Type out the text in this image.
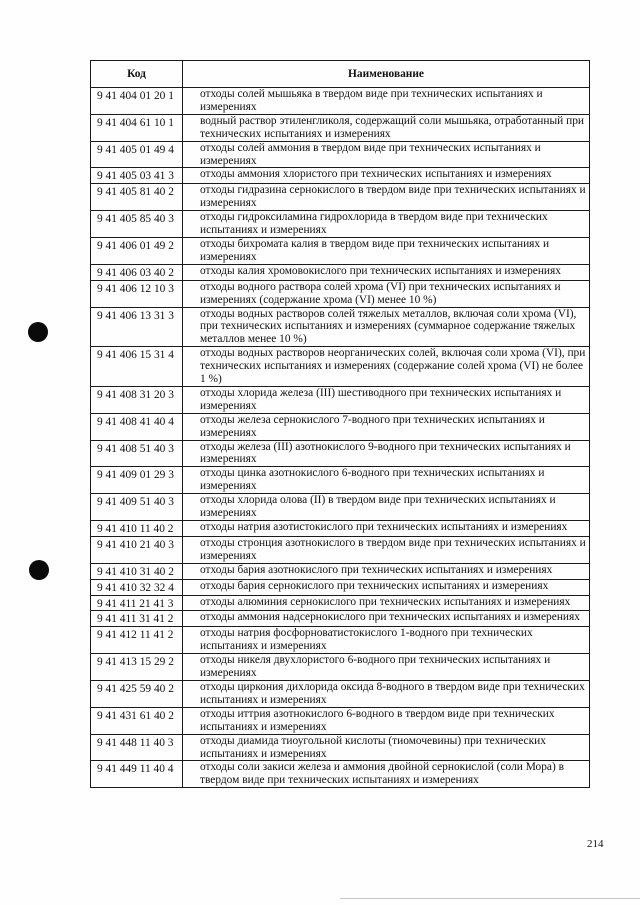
Код	Наименование
9 41 404 01 20 1	отходы солей мышьяка в твердом виде при технических испытаниях и измерениях
9 41 404 61 10 1	водный раствор этиленгликоля, содержащий соли мышьяка, отработанный при технических испытаниях и измерениях
9 41 405 01 49 4	отходы солей аммония в твердом виде при технических испытаниях и измерениях
9 41 405 03 41 3	отходы аммония хлористого при технических испытаниях и измерениях
9 41 405 81 40 2	отходы гидразина сернокислого в твердом виде при технических испытаниях и измерениях
9 41 405 85 40 3	отходы гидроксиламина гидрохлорида в твердом виде при технических испытаниях и измерениях
9 41 406 01 49 2	отходы бихромата калия в твердом виде при технических испытаниях и измерениях
9 41 406 03 40 2	отходы калия хромовокислого при технических испытаниях и измерениях
9 41 406 12 10 3	отходы водного раствора солей хрома (VI) при технических испытаниях и измерениях (содержание хрома (VI) менее 10 %)
9 41 406 13 31 3	отходы водных растворов солей тяжелых металлов, включая соли хрома (VI), при технических испытаниях и измерениях (суммарное содержание тяжелых металлов менее 10 %)
9 41 406 15 31 4	отходы водных растворов неорганических солей, включая соли хрома (VI), при технических испытаниях и измерениях (содержание солей хрома (VI) не более 1 %)
9 41 408 31 20 3	отходы хлорида железа (III) шестиводного при технических испытаниях и измерениях
9 41 408 41 40 4	отходы железа сернокислого 7-водного при технических испытаниях и измерениях
9 41 408 51 40 3	отходы железа (III) азотнокислого 9-водного при технических испытаниях и измерениях
9 41 409 01 29 3	отходы цинка азотнокислого 6-водного при технических испытаниях и измерениях
9 41 409 51 40 3	отходы хлорида олова (II) в твердом виде при технических испытаниях и измерениях
9 41 410 11 40 2	отходы натрия азотистокислого при технических испытаниях и измерениях
9 41 410 21 40 3	отходы стронция азотнокислого в твердом виде при технических испытаниях и измерениях
9 41 410 31 40 2	отходы бария азотнокислого при технических испытаниях и измерениях
9 41 410 32 32 4	отходы бария сернокислого при технических испытаниях и измерениях
9 41 411 21 41 3	отходы алюминия сернокислого при технических испытаниях и измерениях
9 41 411 31 41 2	отходы аммония надсернокислого при технических испытаниях и измерениях
9 41 412 11 41 2	отходы натрия фосфорноватистокислого 1-водного при технических испытаниях и измерениях
9 41 413 15 29 2	отходы никеля двухлористого 6-водного при технических испытаниях и измерениях
9 41 425 59 40 2	отходы циркония дихлорида оксида 8-водного в твердом виде при технических испытаниях и измерениях
9 41 431 61 40 2	отходы иттрия азотнокислого 6-водного в твердом виде при технических испытаниях и измерениях
9 41 448 11 40 3	отходы диамида тиоугольной кислоты (тиомочевины) при технических испытаниях и измерениях
9 41 449 11 40 4	отходы соли закиси железа и аммония двойной сернокислой (соли Мора) в твердом виде при технических испытаниях и измерениях
214
